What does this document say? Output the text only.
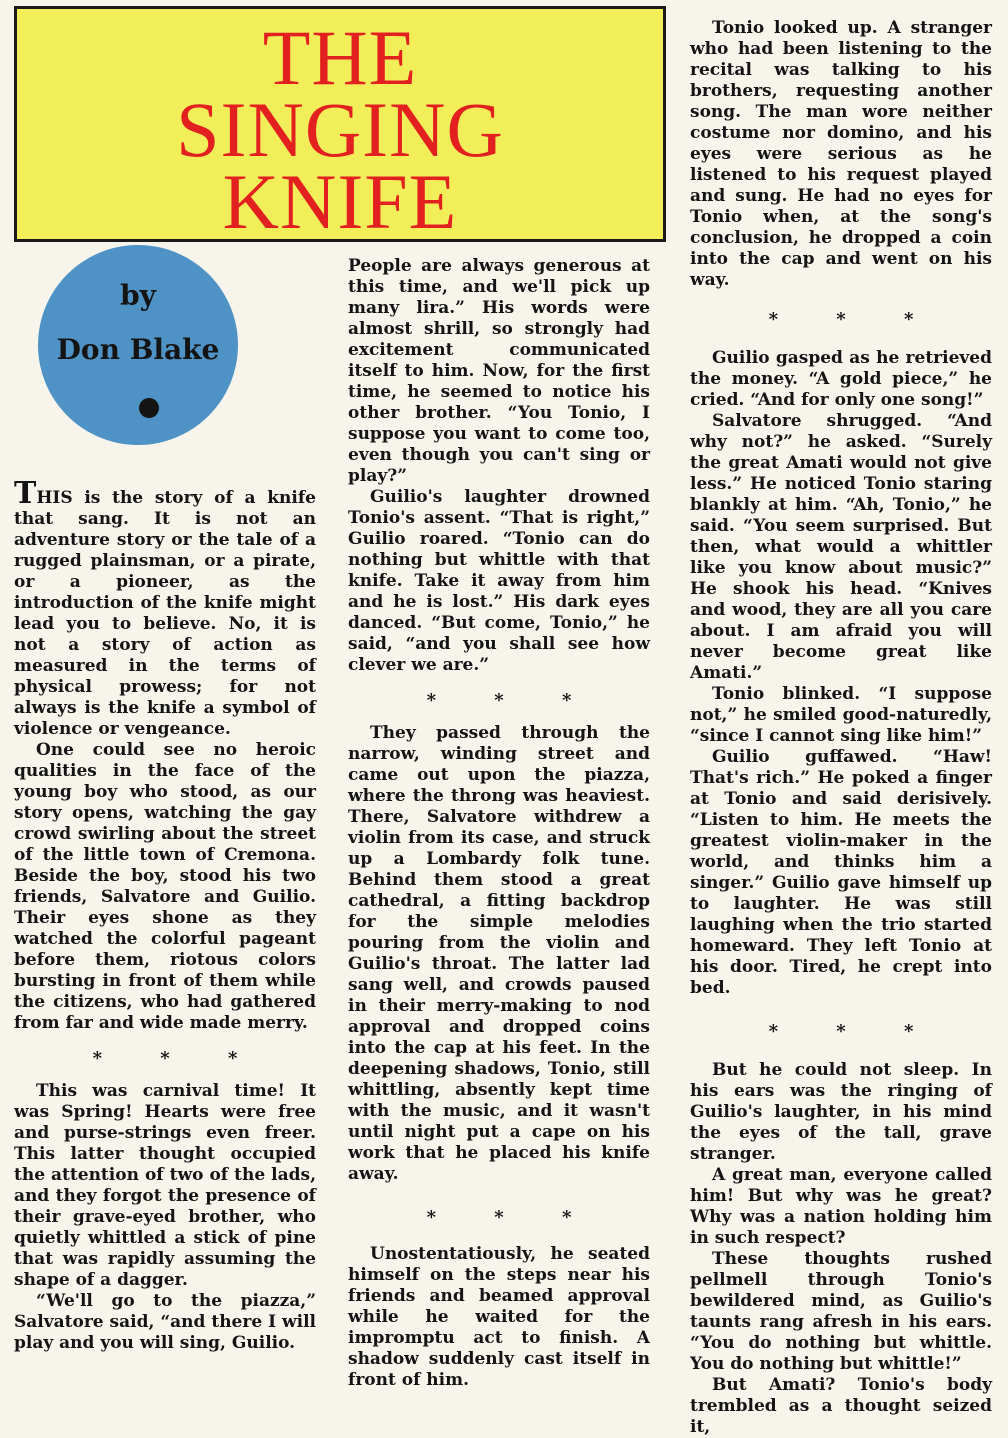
THE
SINGING
KNIFE
by
Don Blake

THIS is the story of a knife that sang. It is not an adventure story or the tale of a rugged plainsman, or a pirate, or a pioneer, as the introduction of the knife might lead you to believe. No, it is not a story of action as measured in the terms of physical prowess; for not always is the knife a symbol of violence or vengeance.

One could see no heroic qualities in the face of the young boy who stood, as our story opens, watching the gay crowd swirling about the street of the little town of Cremona. Beside the boy, stood his two friends, Salvatore and Guilio. Their eyes shone as they watched the colorful pageant before them, riotous colors bursting in front of them while the citizens, who had gathered from far and wide made merry.

* * *

This was carnival time! It was Spring! Hearts were free and purse-strings even freer. This latter thought occupied the attention of two of the lads, and they forgot the presence of their grave-eyed brother, who quietly whittled a stick of pine that was rapidly assuming the shape of a dagger.

“We'll go to the piazza,” Salvatore said, “and there I will play and you will sing, Guilio.

People are always generous at this time, and we'll pick up many lira.” His words were almost shrill, so strongly had excitement communicated itself to him. Now, for the first time, he seemed to notice his other brother. “You Tonio, I suppose you want to come too, even though you can't sing or play?”

Guilio's laughter drowned Tonio's assent. “That is right,” Guilio roared. “Tonio can do nothing but whittle with that knife. Take it away from him and he is lost.” His dark eyes danced. “But come, Tonio,” he said, “and you shall see how clever we are.”

* * *

They passed through the narrow, winding street and came out upon the piazza, where the throng was heaviest. There, Salvatore withdrew a violin from its case, and struck up a Lombardy folk tune. Behind them stood a great cathedral, a fitting backdrop for the simple melodies pouring from the violin and Guilio's throat. The latter lad sang well, and crowds paused in their merry-making to nod approval and dropped coins into the cap at his feet. In the deepening shadows, Tonio, still whittling, absently kept time with the music, and it wasn't until night put a cape on his work that he placed his knife away.

* * *

Unostentatiously, he seated himself on the steps near his friends and beamed approval while he waited for the impromptu act to finish. A shadow suddenly cast itself in front of him.

Tonio looked up. A stranger who had been listening to the recital was talking to his brothers, requesting another song. The man wore neither costume nor domino, and his eyes were serious as he listened to his request played and sung. He had no eyes for Tonio when, at the song's conclusion, he dropped a coin into the cap and went on his way.

* * *

Guilio gasped as he retrieved the money. “A gold piece,” he cried. “And for only one song!”

Salvatore shrugged. “And why not?” he asked. “Surely the great Amati would not give less.” He noticed Tonio staring blankly at him. “Ah, Tonio,” he said. “You seem surprised. But then, what would a whittler like you know about music?” He shook his head. “Knives and wood, they are all you care about. I am afraid you will never become great like Amati.”

Tonio blinked. “I suppose not,” he smiled good-naturedly, “since I cannot sing like him!”

Guilio guffawed. “Haw! That's rich.” He poked a finger at Tonio and said derisively. “Listen to him. He meets the greatest violin-maker in the world, and thinks him a singer.” Guilio gave himself up to laughter. He was still laughing when the trio started homeward. They left Tonio at his door. Tired, he crept into bed.

* * *

But he could not sleep. In his ears was the ringing of Guilio's laughter, in his mind the eyes of the tall, grave stranger.

A great man, everyone called him! But why was he great? Why was a nation holding him in such respect?

These thoughts rushed pellmell through Tonio's bewildered mind, as Guilio's taunts rang afresh in his ears. “You do nothing but whittle. You do nothing but whittle!”

But Amati? Tonio's body trembled as a thought seized it,
